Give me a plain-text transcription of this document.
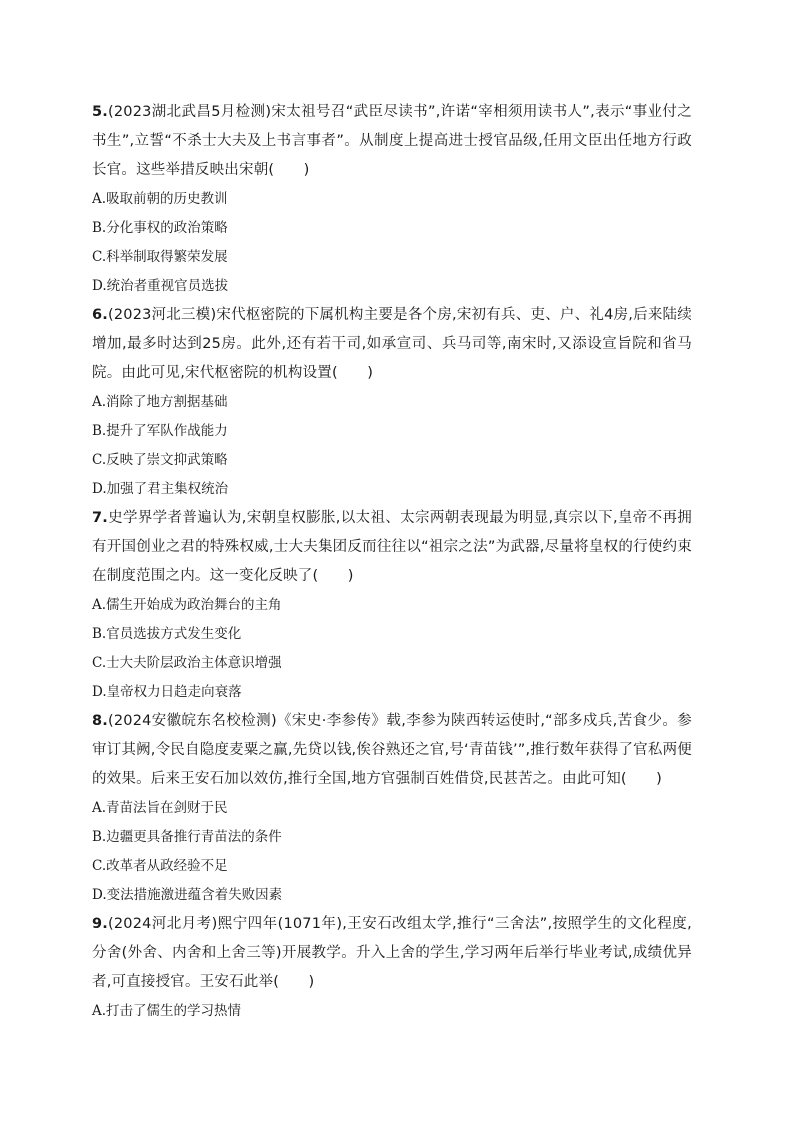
5.(2023湖北武昌5月检测)宋太祖号召“武臣尽读书”,许诺“宰相须用读书人”,表示“事业付之书生”,立誓“不杀士大夫及上书言事者”。从制度上提高进士授官品级,任用文臣出任地方行政长官。这些举措反映出宋朝(　　)

A.吸取前朝的历史教训

B.分化事权的政治策略

C.科举制取得繁荣发展

D.统治者重视官员选拔

6.(2023河北三模)宋代枢密院的下属机构主要是各个房,宋初有兵、吏、户、礼4房,后来陆续增加,最多时达到25房。此外,还有若干司,如承宣司、兵马司等,南宋时,又添设宣旨院和省马院。由此可见,宋代枢密院的机构设置(　　)

A.消除了地方割据基础

B.提升了军队作战能力

C.反映了崇文抑武策略

D.加强了君主集权统治

7.史学界学者普遍认为,宋朝皇权膨胀,以太祖、太宗两朝表现最为明显,真宗以下,皇帝不再拥有开国创业之君的特殊权威,士大夫集团反而往往以“祖宗之法”为武器,尽量将皇权的行使约束在制度范围之内。这一变化反映了(　　)

A.儒生开始成为政治舞台的主角

B.官员选拔方式发生变化

C.士大夫阶层政治主体意识增强

D.皇帝权力日趋走向衰落

8.(2024安徽皖东名校检测)《宋史·李参传》载,李参为陕西转运使时,“部多戍兵,苦食少。参审订其阙,令民自隐度麦粟之赢,先贷以钱,俟谷熟还之官,号‘青苗钱’”,推行数年获得了官私两便的效果。后来王安石加以效仿,推行全国,地方官强制百姓借贷,民甚苦之。由此可知(　　)

A.青苗法旨在剑财于民

B.边疆更具备推行青苗法的条件

C.改革者从政经验不足

D.变法措施激进蕴含着失败因素

9.(2024河北月考)熙宁四年(1071年),王安石改组太学,推行“三舍法”,按照学生的文化程度,分舍(外舍、内舍和上舍三等)开展教学。升入上舍的学生,学习两年后举行毕业考试,成绩优异者,可直接授官。王安石此举(　　)

A.打击了儒生的学习热情
